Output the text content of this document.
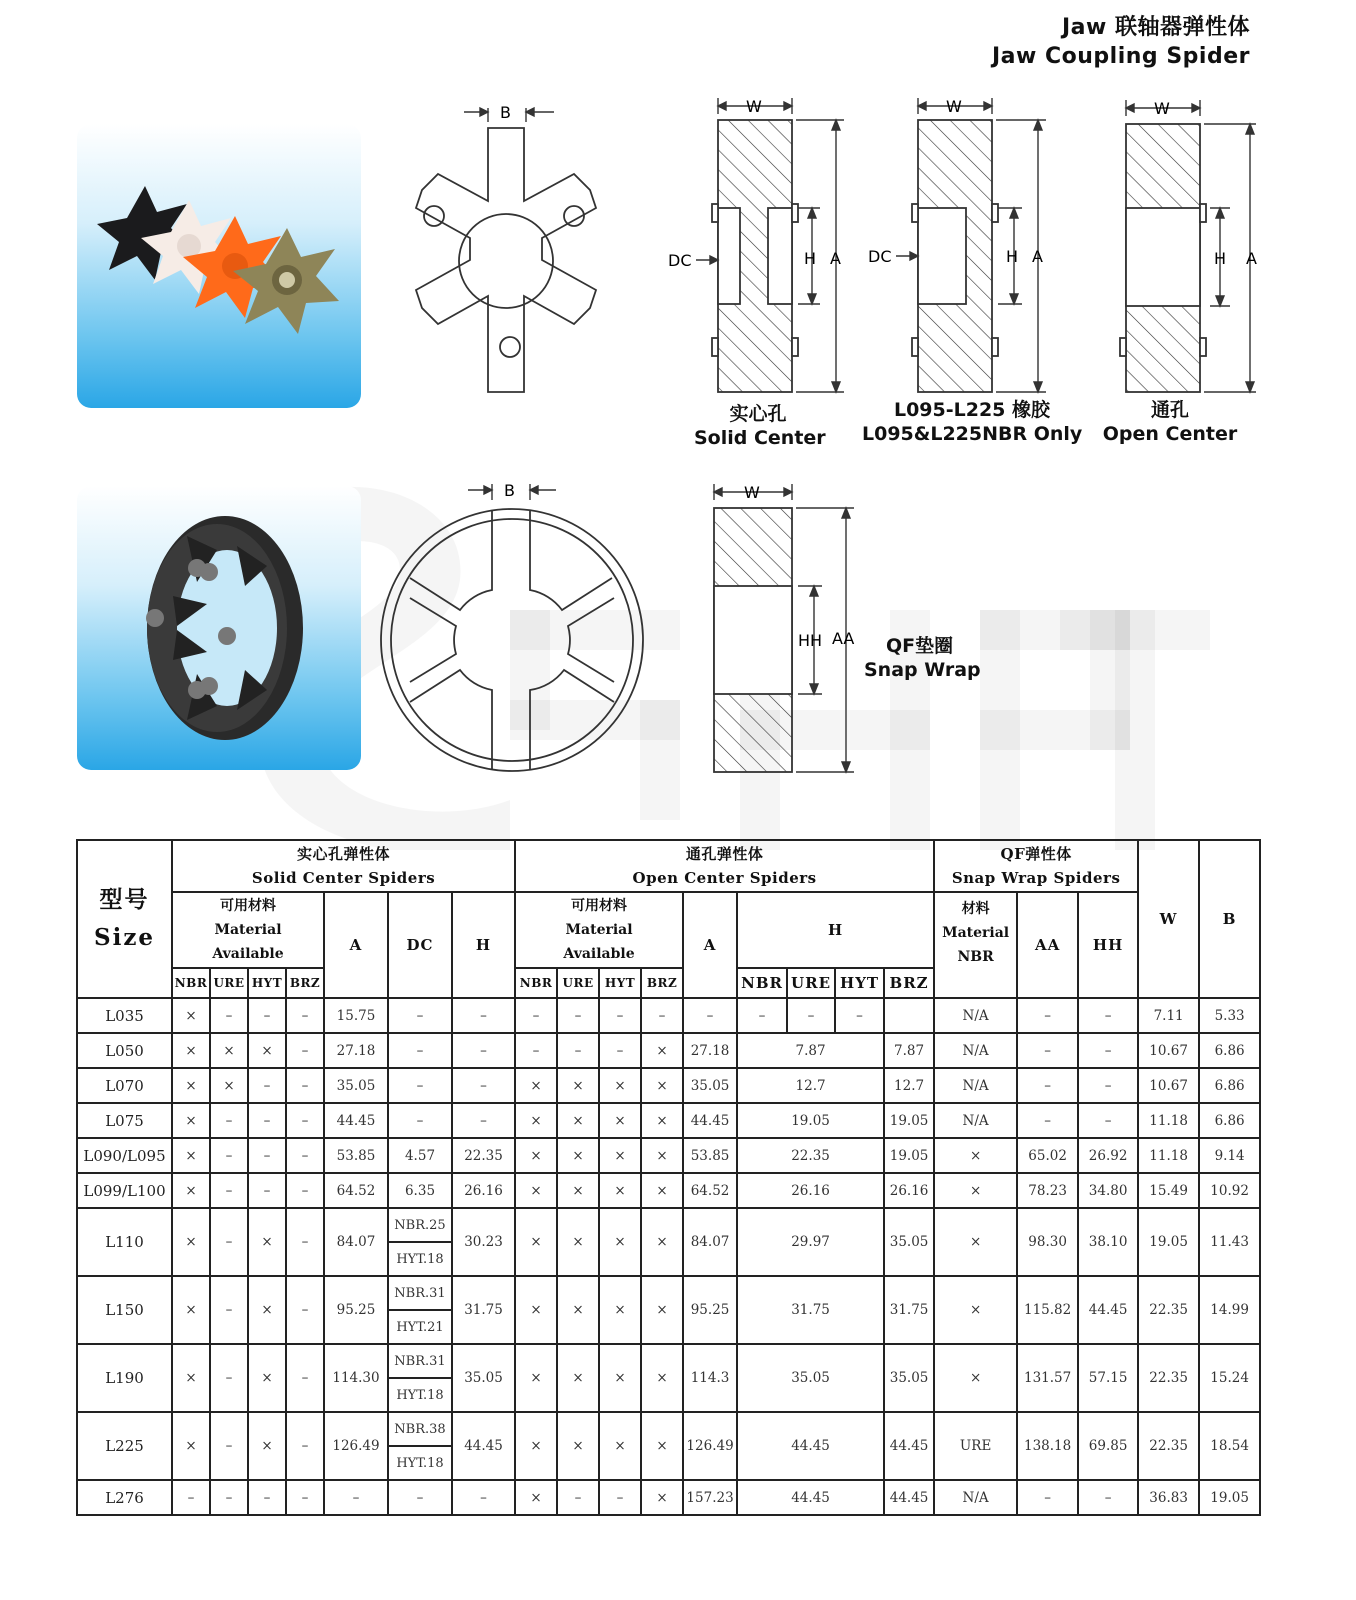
Jaw 联轴器弹性体
Jaw Coupling Spider
B	W
DC	H A
W
DC	H A
W
H A
实心孔
Solid Center
L095-L225 橡胶
L095&L225NBR Only
通孔
Open Center
B	W
HH AA	QF垫圈
Snap Wrap
型号
Size	实心孔弹性体
Solid Center Spiders							通孔弹性体
Open Center Spiders									QF弹性体
Snap Wrap Spiders			W	B

	可用材料
Material
Available				A	DC	H	可用材料
Material
Available				A	H				材料
Material
NBR	AA	HH		
	NBR	URE	HYT	BRZ				NBR	URE	HYT	BRZ		NBR	URE	HYT	BRZ					
L035	×	–	–	–	15.75	–	–	–	–	–	–	–	–	–	–		N/A	–	–	7.11	5.33
L050	×	×	×	–	27.18	–	–	–	–	–	×	27.18	7.87			7.87	N/A	–	–	10.67	6.86
L070	×	×	–	–	35.05	–	–	×	×	×	×	35.05	12.7			12.7	N/A	–	–	10.67	6.86
L075	×	–	–	–	44.45	–	–	×	×	×	×	44.45	19.05			19.05	N/A	–	–	11.18	6.86
L090/L095	×	–	–	–	53.85	4.57	22.35	×	×	×	×	53.85	22.35			19.05	×	65.02	26.92	11.18	9.14
L099/L100	×	–	–	–	64.52	6.35	26.16	×	×	×	×	64.52	26.16			26.16	×	78.23	34.80	15.49	10.92
L110	×	–	×	–	84.07	NBR.25	30.23	×	×	×	×	84.07	29.97			35.05	×	98.30	38.10	19.05	11.43
						HYT.18															
L150	×	–	×	–	95.25	NBR.31	31.75	×	×	×	×	95.25	31.75			31.75	×	115.82	44.45	22.35	14.99
						HYT.21															
L190	×	–	×	–	114.30	NBR.31	35.05	×	×	×	×	114.3	35.05			35.05	×	131.57	57.15	22.35	15.24
						HYT.18															
L225	×	–	×	–	126.49	NBR.38	44.45	×	×	×	×	126.49	44.45			44.45	URE	138.18	69.85	22.35	18.54
						HYT.18															
L276	–	–	–	–	–	–	–	×	–	–	×	157.23	44.45			44.45	N/A	–	–	36.83	19.05
